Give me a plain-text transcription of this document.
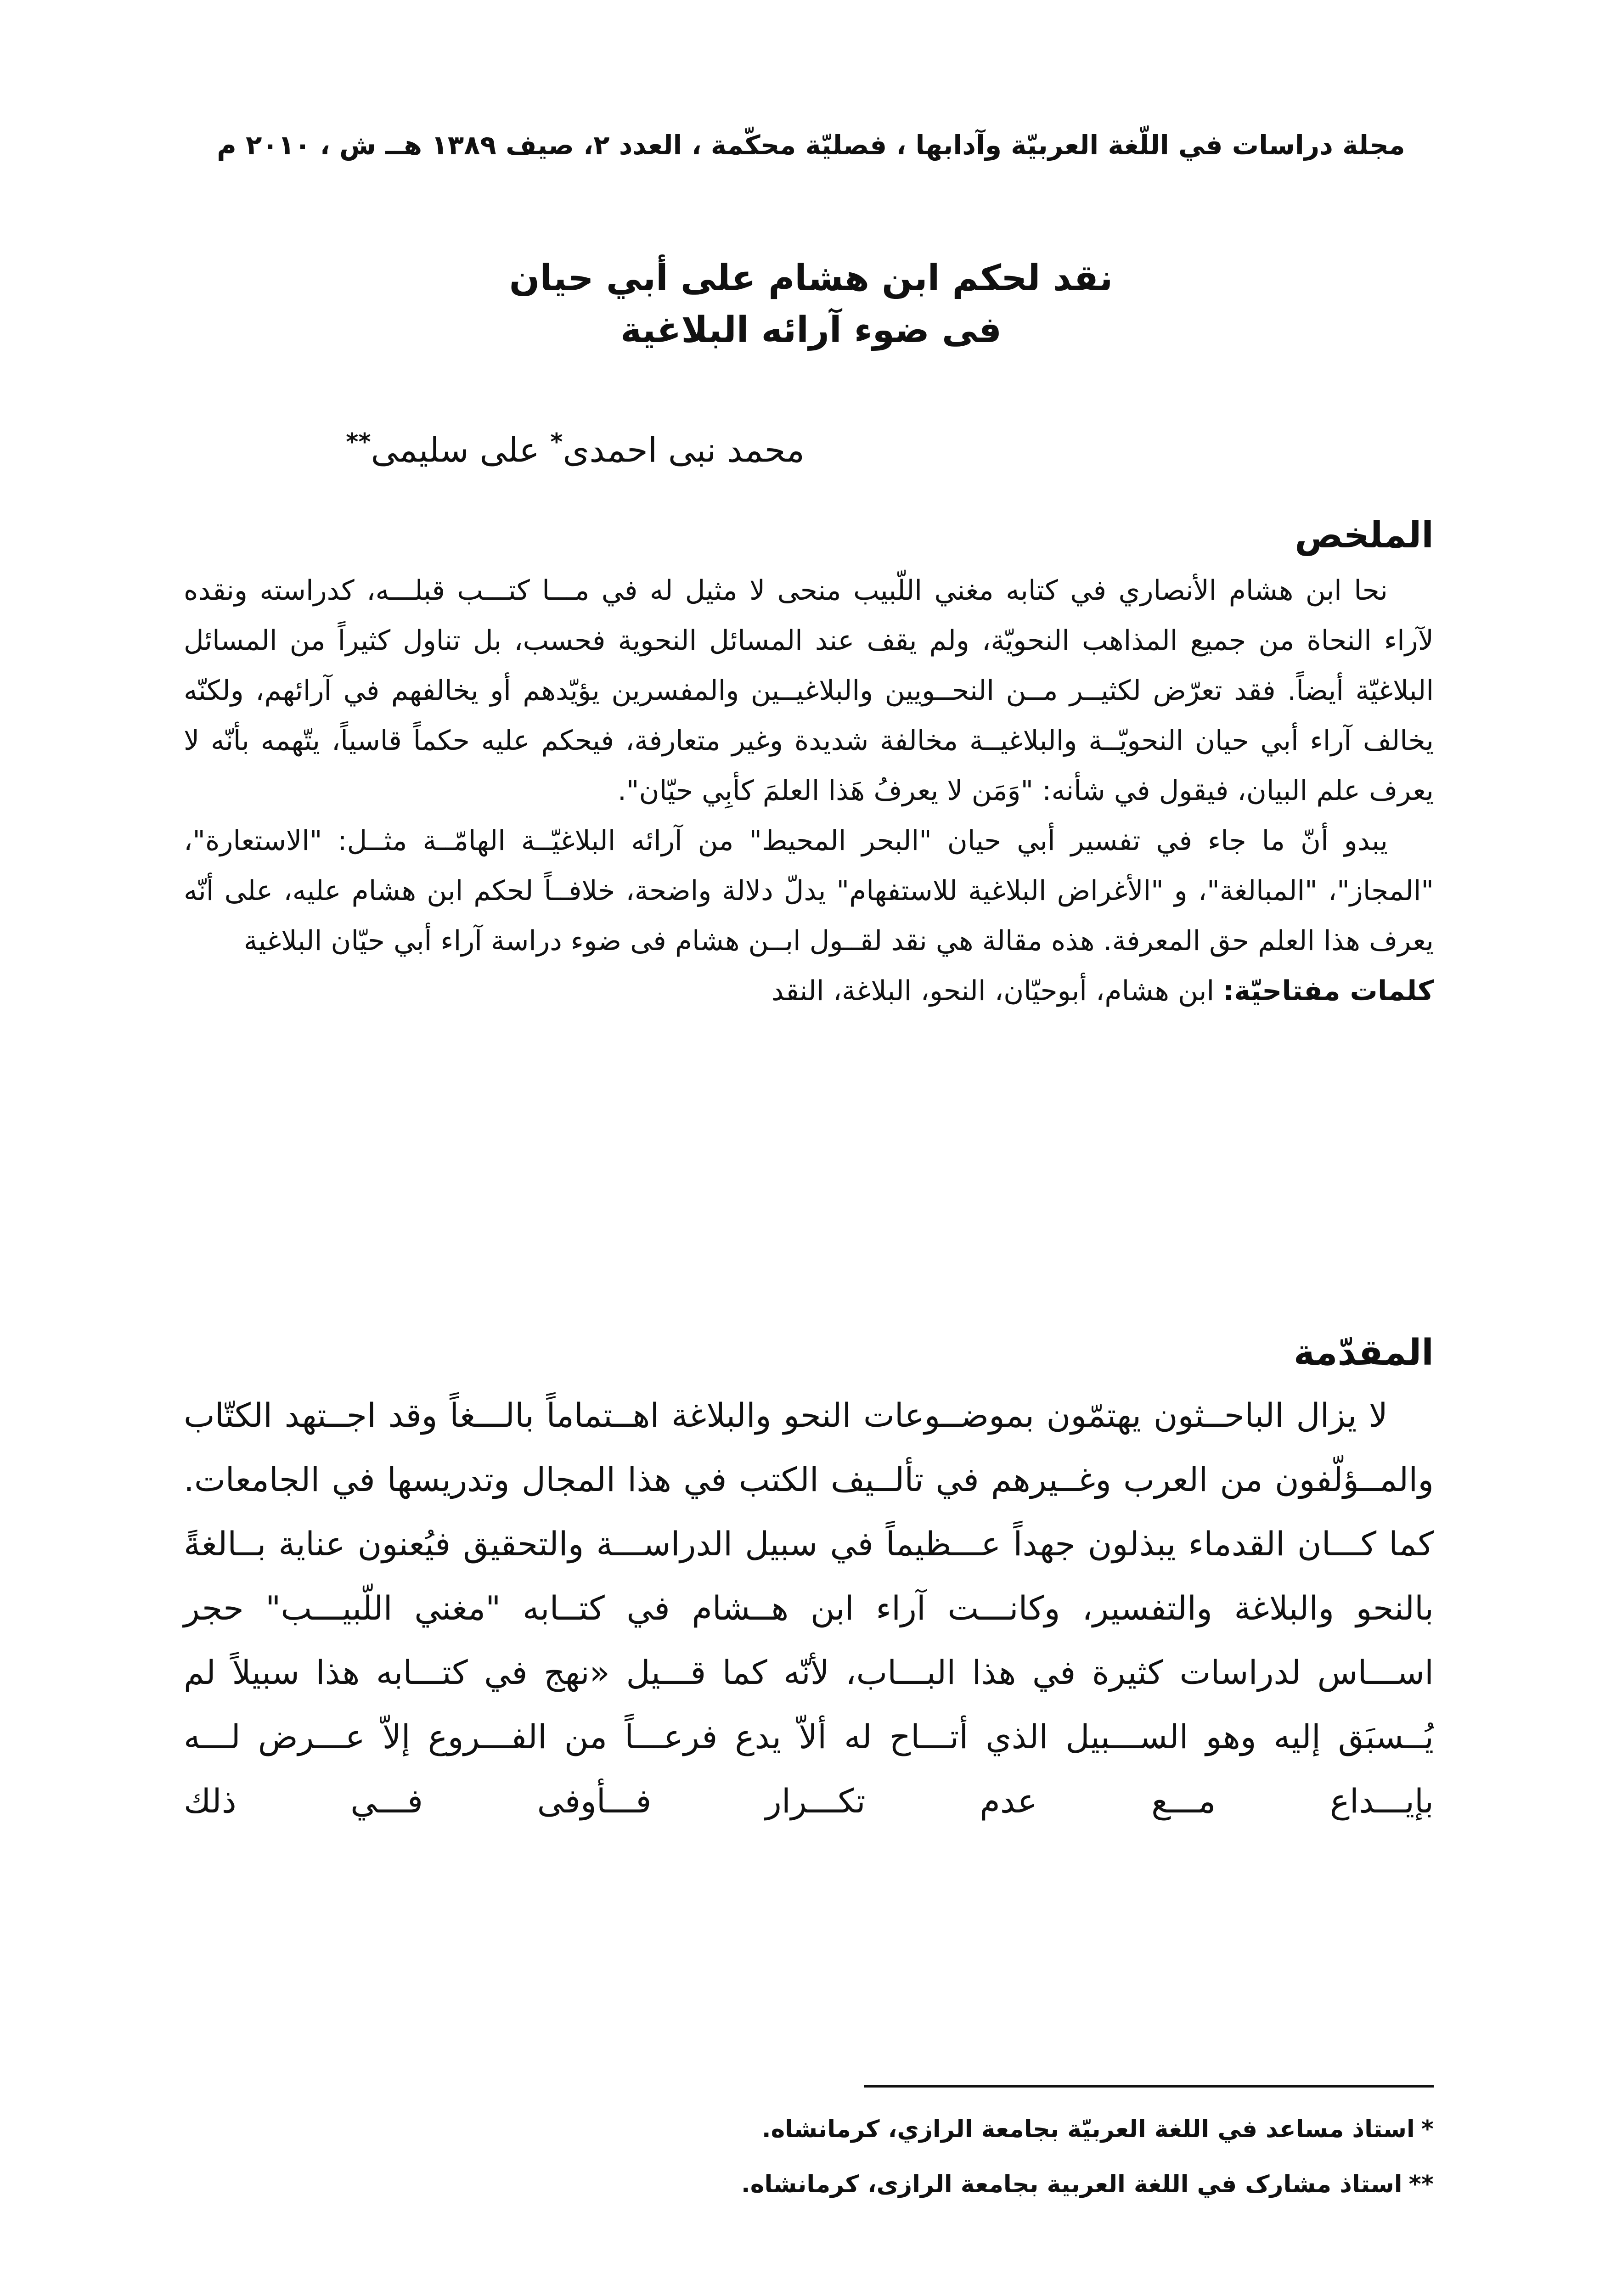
مجلة دراسات في اللّغة العربيّة وآدابها ، فصليّة محكّمة ، العدد ٢، صيف ١٣٨٩ هــ ش ، ٢٠١٠ م

نقد لحكم ابن هشام على أبي حيان

فى ضوء آرائه البلاغية

محمد نبى احمدى* على سليمى**
الملخص

نحا ابن هشام الأنصاري في كتابه مغني اللّبيب منحى لا مثيل له في مـــا كتـــب قبلـــه، كدراسته ونقده لآراء النحاة من جميع المذاهب النحويّة، ولم يقف عند المسائل النحوية فحسب، بل تناول كثيراً من المسائل البلاغيّة أيضاً. فقد تعرّض لكثيــر مــن النحــويين والبلاغيــين والمفسرين يؤيّدهم أو يخالفهم في آرائهم، ولكنّه يخالف آراء أبي حيان النحويّــة والبلاغيــة مخالفة شديدة وغير متعارفة، فيحكم عليه حكماً قاسياً، يتّهمه بأنّه لا يعرف علم البيان، فيقول في شأنه: "وَمَن لا يعرفُ هَذا العلمَ كأبِي حيّان".

يبدو أنّ ما جاء في تفسير أبي حيان "البحر المحيط" من آرائه البلاغيّــة الهامّــة مثــل: "الاستعارة"، "المجاز"، "المبالغة"، و "الأغراض البلاغية للاستفهام" يدلّ دلالة واضحة، خلافــاً لحكم ابن هشام عليه، على أنّه يعرف هذا العلم حق المعرفة. هذه مقالة هي نقد لقــول ابــن هشام فى ضوء دراسة آراء أبي حيّان البلاغية

كلمات مفتاحيّة: ابن هشام، أبوحيّان، النحو، البلاغة، النقد

المقدّمة

لا يزال الباحــثون يهتمّون بموضــوعات النحو والبلاغة اهــتماماً بالـــغاً وقد اجــتهد الكتّاب والمــؤلّفون من العرب وغــيرهم في تألــيف الكتب في هذا المجال وتدريسها في الجامعات. كما كـــان القدماء يبذلون جهداً عـــظيماً في سبيل الدراســـة والتحقيق فيُعنون عناية بــالغةً بالنحو والبلاغة والتفسير، وكانـــت آراء ابن هــشام في كتــابه "مغني اللّبيـــب" حجر اســـاس لدراسات كثيرة في هذا البـــاب، لأنّه كما قـــيل «نهج في كتـــابه هذا سبيلاً لم يُــسبَق إليه وهو الســـبيل الذي أتـــاح له ألاّ يدع فرعـــاً من الفـــروع إلاّ عـــرض لـــه بإيـــداع مـــع عدم تكـــرار فـــأوفى فـــي ذلك

*استاذ مساعد في اللغة العربيّة بجامعة الرازي، كرمانشاه.

**استاذ مشارک في اللغة العربية بجامعة الرازى، كرمانشاه.
